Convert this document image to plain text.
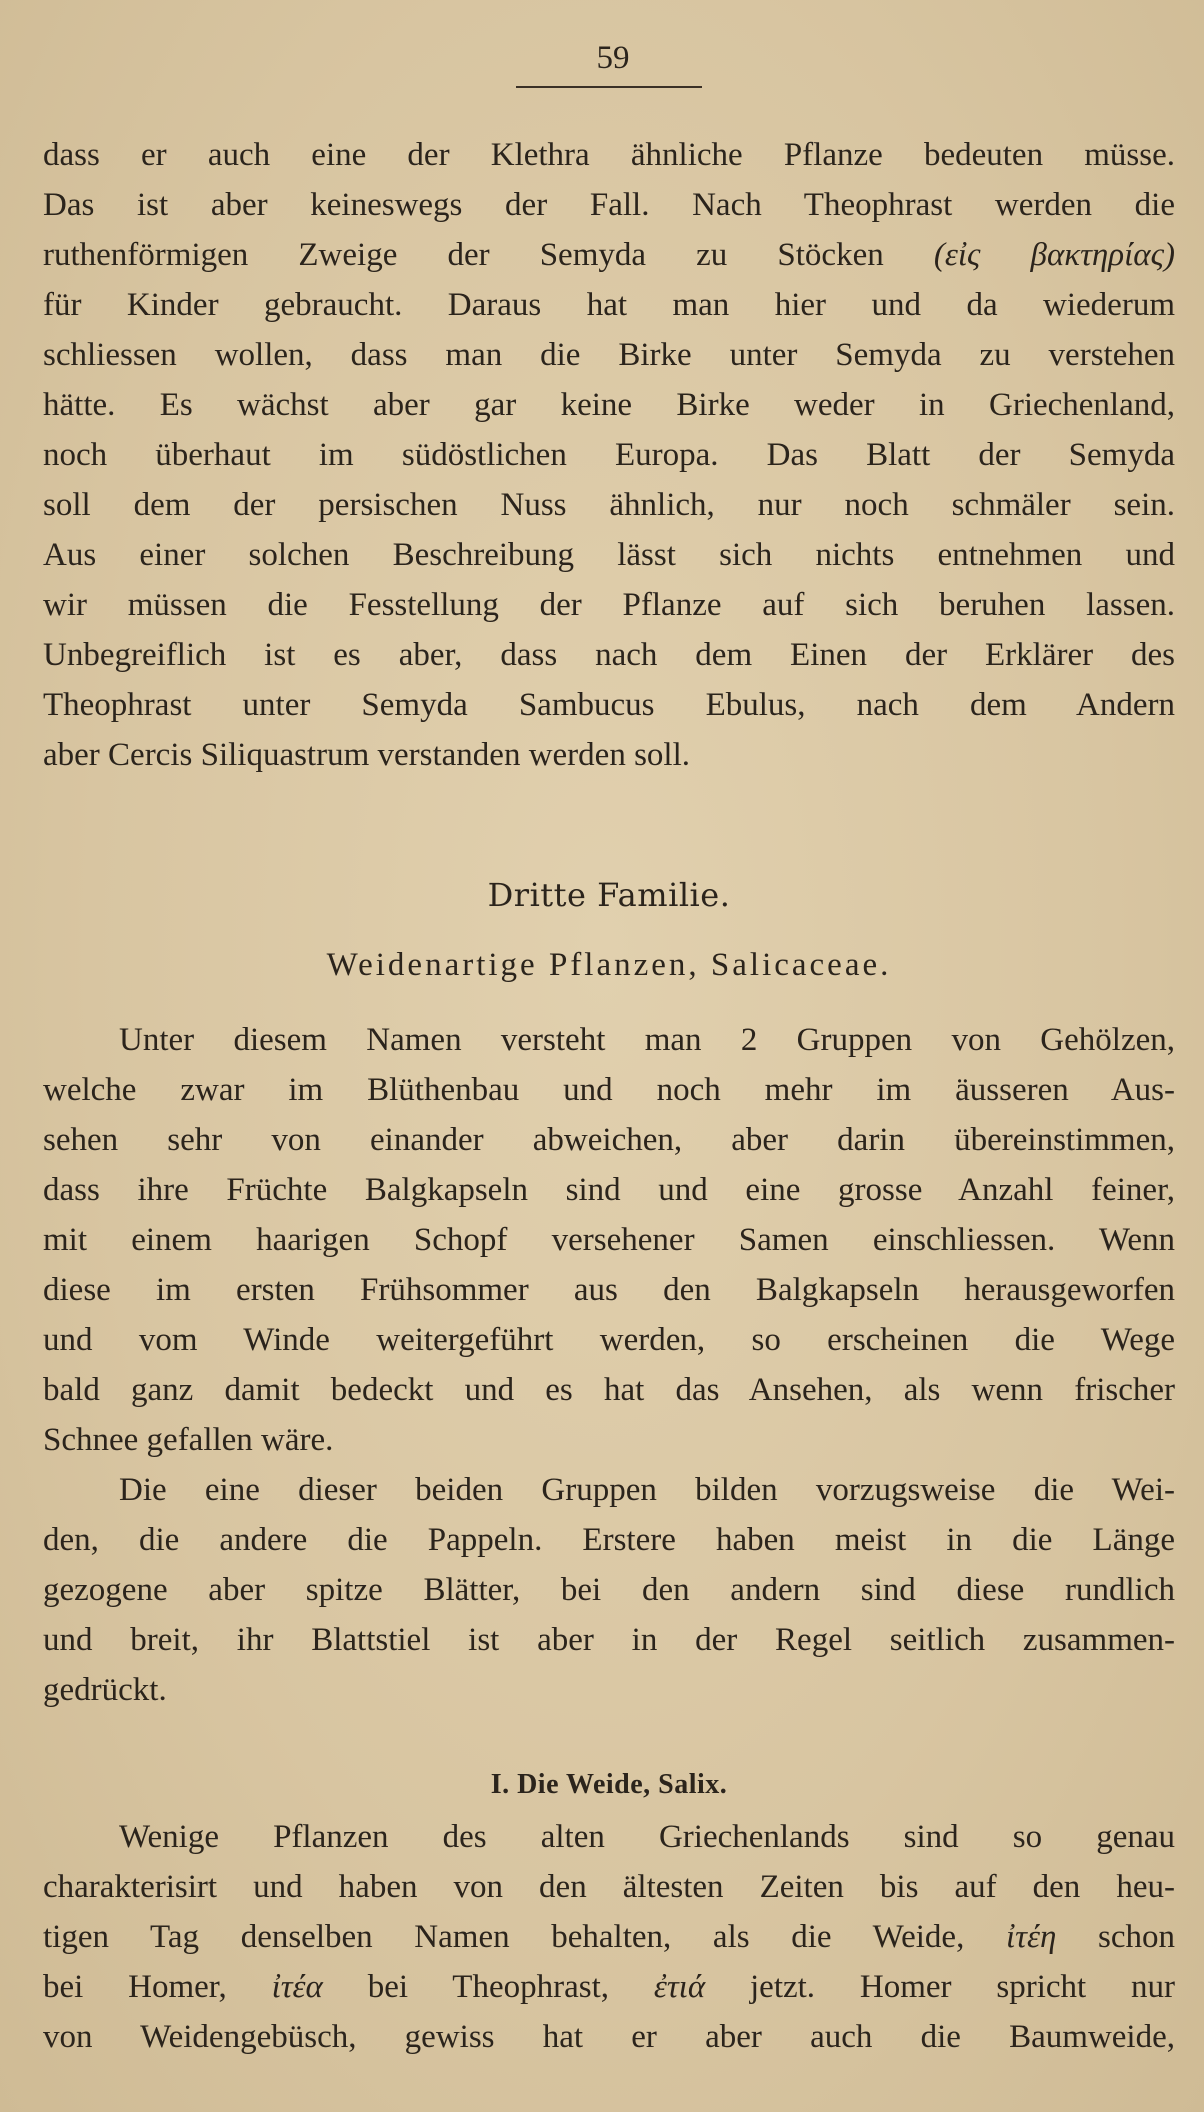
59
dass er auch eine der Klethra ähnliche Pflanze bedeuten müsse.
Das ist aber keineswegs der Fall. Nach Theophrast werden die
ruthenförmigen Zweige der Semyda zu Stöcken (εἰς βακτηρίας)
für Kinder gebraucht. Daraus hat man hier und da wiederum
schliessen wollen, dass man die Birke unter Semyda zu verstehen
hätte. Es wächst aber gar keine Birke weder in Griechenland,
noch überhaut im südöstlichen Europa. Das Blatt der Semyda
soll dem der persischen Nuss ähnlich, nur noch schmäler sein.
Aus einer solchen Beschreibung lässt sich nichts entnehmen und
wir müssen die Fesstellung der Pflanze auf sich beruhen lassen.
Unbegreiflich ist es aber, dass nach dem Einen der Erklärer des
Theophrast unter Semyda Sambucus Ebulus, nach dem Andern
aber Cercis Siliquastrum verstanden werden soll.
Dritte Familie.
Weidenartige Pflanzen, Salicaceae.
Unter diesem Namen versteht man 2 Gruppen von Gehölzen,
welche zwar im Blüthenbau und noch mehr im äusseren Aus-
sehen sehr von einander abweichen, aber darin übereinstimmen,
dass ihre Früchte Balgkapseln sind und eine grosse Anzahl feiner,
mit einem haarigen Schopf versehener Samen einschliessen. Wenn
diese im ersten Frühsommer aus den Balgkapseln herausgeworfen
und vom Winde weitergeführt werden, so erscheinen die Wege
bald ganz damit bedeckt und es hat das Ansehen, als wenn frischer
Schnee gefallen wäre.
Die eine dieser beiden Gruppen bilden vorzugsweise die Wei-
den, die andere die Pappeln. Erstere haben meist in die Länge
gezogene aber spitze Blätter, bei den andern sind diese rundlich
und breit, ihr Blattstiel ist aber in der Regel seitlich zusammen-
gedrückt.
I. Die Weide, Salix.
Wenige Pflanzen des alten Griechenlands sind so genau
charakterisirt und haben von den ältesten Zeiten bis auf den heu-
tigen Tag denselben Namen behalten, als die Weide, ἰτέη schon
bei Homer, ἰτέα bei Theophrast, ἐτιά jetzt. Homer spricht nur
von Weidengebüsch, gewiss hat er aber auch die Baumweide,
